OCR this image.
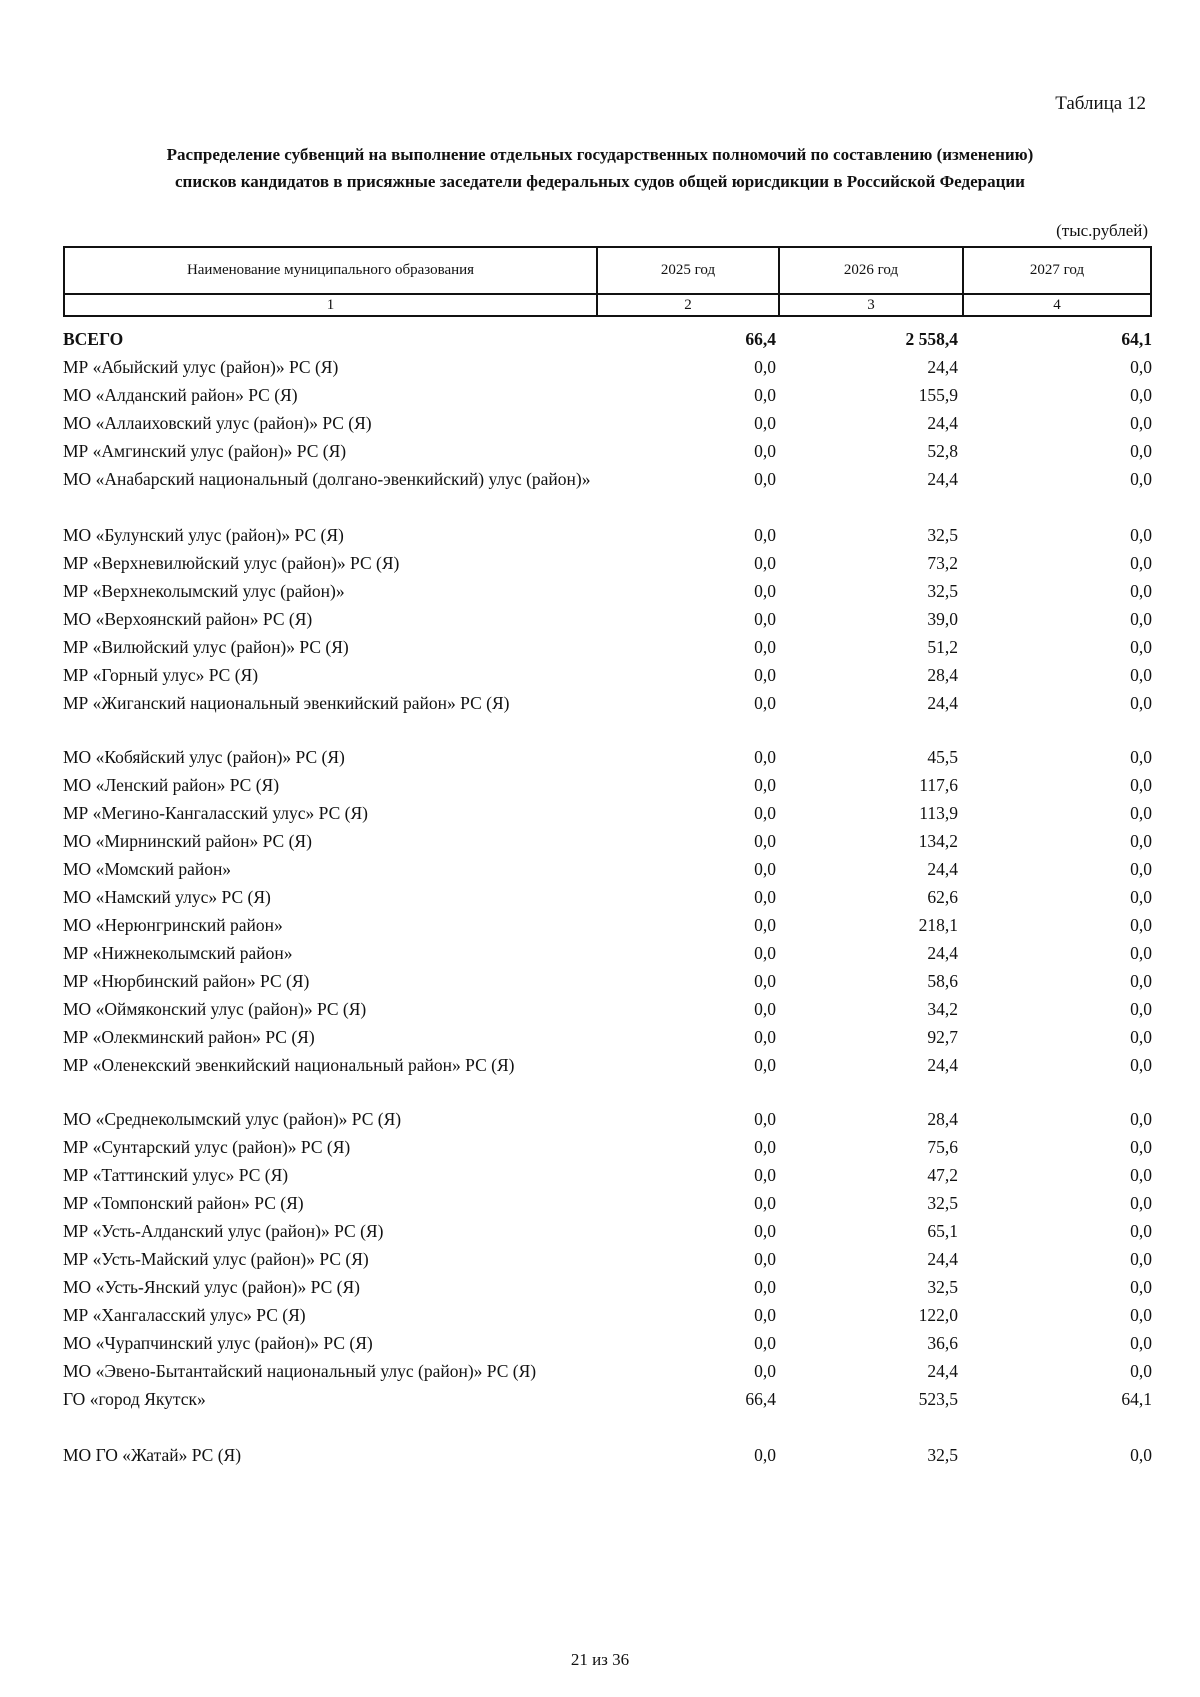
Таблица 12
Распределение субвенций на выполнение отдельных государственных полномочий по составлению (изменению)
списков кандидатов в присяжные заседатели федеральных судов общей юрисдикции в Российской Федерации
(тыс.рублей)
Наименование муниципального образования	2025 год	2026 год	2027 год
1	2	3	4
ВСЕГО	66,4	2 558,4	64,1
МР «Абыйский улус (район)» РС (Я)	0,0	24,4	0,0
МО «Алданский район» РС (Я)	0,0	155,9	0,0
МО «Аллаиховский улус (район)» РС (Я)	0,0	24,4	0,0
МР «Амгинский улус (район)» РС (Я)	0,0	52,8	0,0
МО «Анабарский национальный (долгано-эвенкийский) улус (район)»	0,0	24,4	0,0
МО «Булунский улус (район)» РС (Я)	0,0	32,5	0,0
МР «Верхневилюйский улус (район)» РС (Я)	0,0	73,2	0,0
МР «Верхнеколымский улус (район)»	0,0	32,5	0,0
МО «Верхоянский район» РС (Я)	0,0	39,0	0,0
МР «Вилюйский улус (район)» РС (Я)	0,0	51,2	0,0
МР «Горный улус» РС (Я)	0,0	28,4	0,0
МР «Жиганский национальный эвенкийский район» РС (Я)	0,0	24,4	0,0
МО «Кобяйский улус (район)» РС (Я)	0,0	45,5	0,0
МО «Ленский район» РС (Я)	0,0	117,6	0,0
МР «Мегино-Кангаласский улус» РС (Я)	0,0	113,9	0,0
МО «Мирнинский район» РС (Я)	0,0	134,2	0,0
МО «Момский район»	0,0	24,4	0,0
МО «Намский улус» РС (Я)	0,0	62,6	0,0
МО «Нерюнгринский район»	0,0	218,1	0,0
МР «Нижнеколымский район»	0,0	24,4	0,0
МР «Нюрбинский район» РС (Я)	0,0	58,6	0,0
МО «Оймяконский улус (район)» РС (Я)	0,0	34,2	0,0
МР «Олекминский район» РС (Я)	0,0	92,7	0,0
МР «Оленекский эвенкийский национальный район» РС (Я)	0,0	24,4	0,0
МО «Среднеколымский улус (район)» РС (Я)	0,0	28,4	0,0
МР «Сунтарский улус (район)» РС (Я)	0,0	75,6	0,0
МР «Таттинский улус» РС (Я)	0,0	47,2	0,0
МР «Томпонский район» РС (Я)	0,0	32,5	0,0
МР «Усть-Алданский улус (район)» РС (Я)	0,0	65,1	0,0
МР «Усть-Майский улус (район)» РС (Я)	0,0	24,4	0,0
МО «Усть-Янский улус (район)» РС (Я)	0,0	32,5	0,0
МР «Хангаласский улус» РС (Я)	0,0	122,0	0,0
МО «Чурапчинский улус (район)» РС (Я)	0,0	36,6	0,0
МО «Эвено-Бытантайский национальный улус (район)» РС (Я)	0,0	24,4	0,0
ГО «город Якутск»	66,4	523,5	64,1
МО ГО «Жатай» РС (Я)	0,0	32,5	0,0
21 из 36
